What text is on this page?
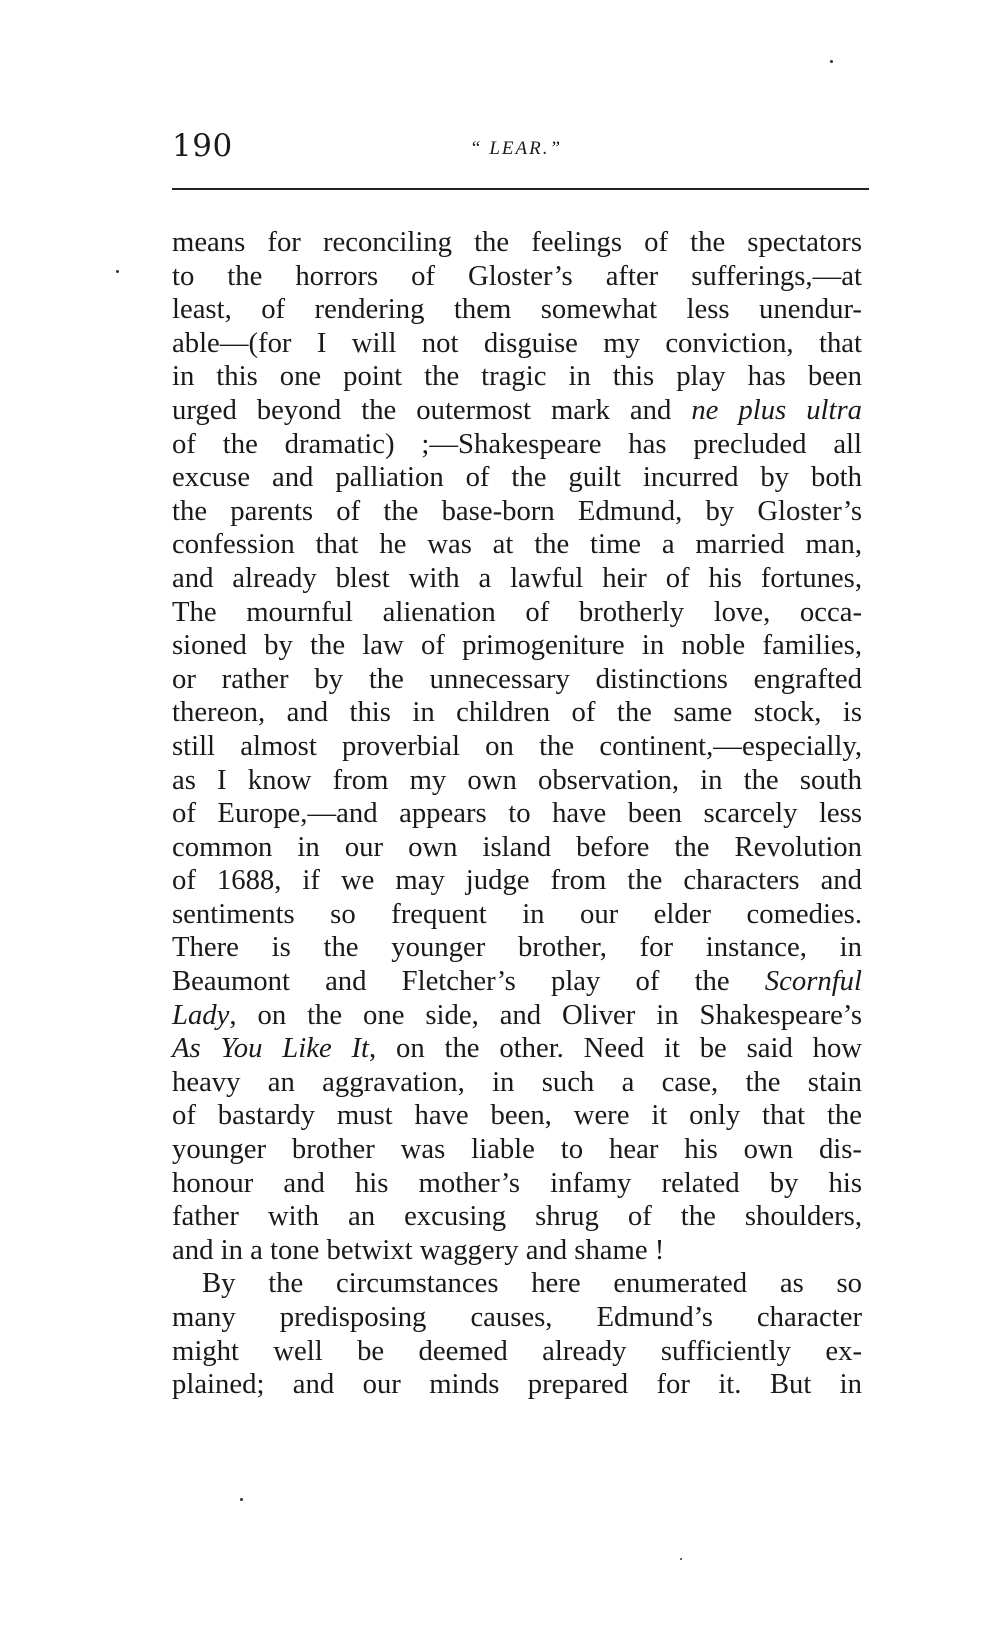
190	“ LEAR.”
means for reconciling the feelings of the spectators
to the horrors of Gloster’s after sufferings,—at
least, of rendering them somewhat less unendur-
able—(for I will not disguise my conviction, that
in this one point the tragic in this play has been
urged beyond the outermost mark and ne plus ultra
of the dramatic) ;—Shakespeare has precluded all
excuse and palliation of the guilt incurred by both
the parents of the base-born Edmund, by Gloster’s
confession that he was at the time a married man,
and already blest with a lawful heir of his fortunes,
The mournful alienation of brotherly love, occa-
sioned by the law of primogeniture in noble families,
or rather by the unnecessary distinctions engrafted
thereon, and this in children of the same stock, is
still almost proverbial on the continent,—especially,
as I know from my own observation, in the south
of Europe,—and appears to have been scarcely less
common in our own island before the Revolution
of 1688, if we may judge from the characters and
sentiments so frequent in our elder comedies.
There is the younger brother, for instance, in
Beaumont and Fletcher’s play of the Scornful
Lady, on the one side, and Oliver in Shakespeare’s
As You Like It, on the other. Need it be said how
heavy an aggravation, in such a case, the stain
of bastardy must have been, were it only that the
younger brother was liable to hear his own dis-
honour and his mother’s infamy related by his
father with an excusing shrug of the shoulders,
and in a tone betwixt waggery and shame !
By the circumstances here enumerated as so
many predisposing causes, Edmund’s character
might well be deemed already sufficiently ex-
plained; and our minds prepared for it. But in
